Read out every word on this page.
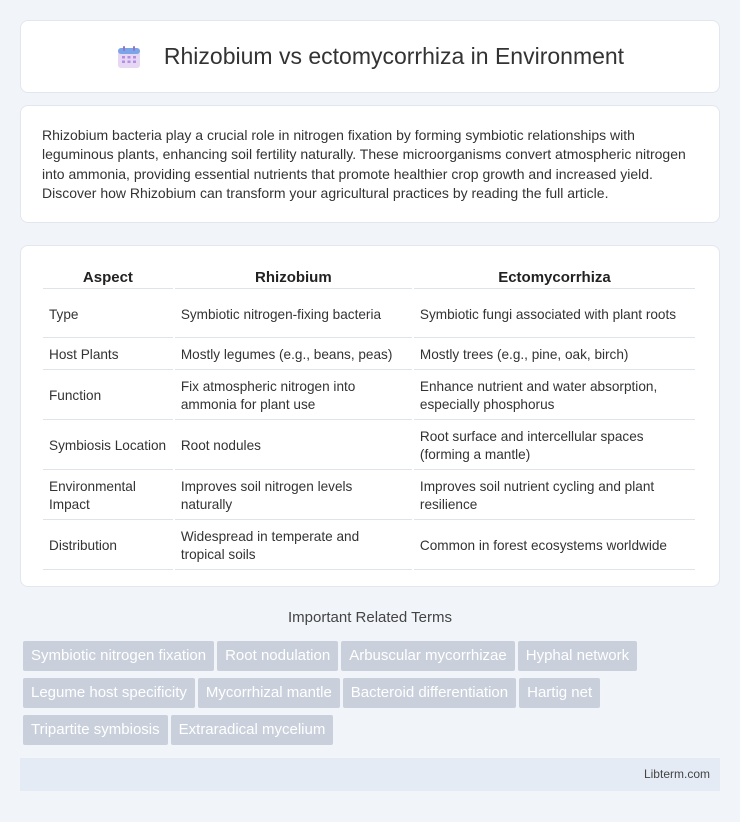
Rhizobium vs ectomycorrhiza in Environment

Rhizobium bacteria play a crucial role in nitrogen fixation by forming symbiotic relationships with leguminous plants, enhancing soil fertility naturally. These microorganisms convert atmospheric nitrogen into ammonia, providing essential nutrients that promote healthier crop growth and increased yield. Discover how Rhizobium can transform your agricultural practices by reading the full article.

Aspect	Rhizobium	Ectomycorrhiza
Type	Symbiotic nitrogen-fixing bacteria	Symbiotic fungi associated with plant roots
Host Plants	Mostly legumes (e.g., beans, peas)	Mostly trees (e.g., pine, oak, birch)
Function	Fix atmospheric nitrogen into ammonia for plant use	Enhance nutrient and water absorption, especially phosphorus
Symbiosis Location	Root nodules	Root surface and intercellular spaces (forming a mantle)
Environmental Impact	Improves soil nitrogen levels naturally	Improves soil nutrient cycling and plant resilience
Distribution	Widespread in temperate and tropical soils	Common in forest ecosystems worldwide
Important Related Terms
Symbiotic nitrogen fixation Root nodulation Arbuscular mycorrhizae Hyphal network
Legume host specificity Mycorrhizal mantle Bacteroid differentiation Hartig net
Tripartite symbiosis Extraradical mycelium
Libterm.com
